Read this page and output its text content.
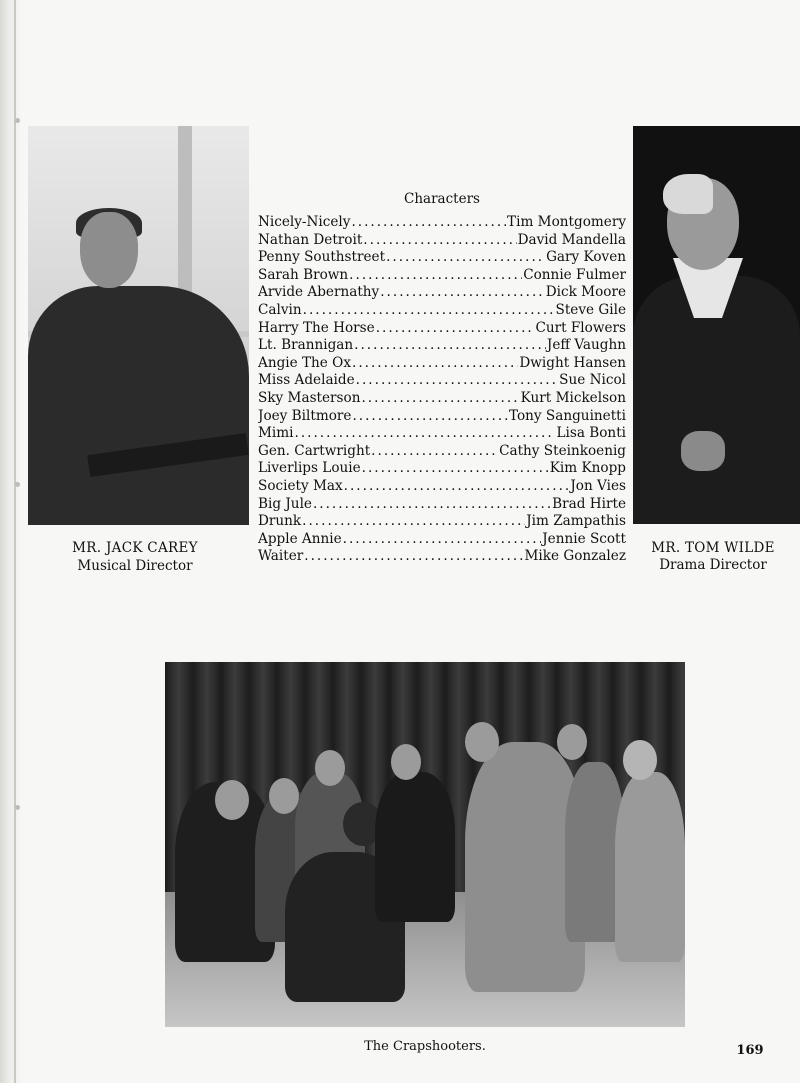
MR. JACK CAREY
Musical Director
Characters
Nicely-Nicely .....	Tim Montgomery
Nathan Detroit .....	David Mandella
Penny Southstreet .....	Gary Koven
Sarah Brown .....	Connie Fulmer
Arvide Abernathy .....	Dick Moore
Calvin .....	Steve Gile
Harry The Horse .....	Curt Flowers
Lt. Brannigan .....	Jeff Vaughn
Angie The Ox .....	Dwight Hansen
Miss Adelaide .....	Sue Nicol
Sky Masterson .....	Kurt Mickelson
Joey Biltmore .....	Tony Sanguinetti
Mimi .....	Lisa Bonti
Gen. Cartwright .....	Cathy Steinkoenig
Liverlips Louie .....	Kim Knopp
Society Max .....	Jon Vies
Big Jule .....	Brad Hirte
Drunk .....	Jim Zampathis
Apple Annie .....	Jennie Scott
Waiter .....	Mike Gonzalez
MR. TOM WILDE
Drama Director
The Crapshooters.	169
